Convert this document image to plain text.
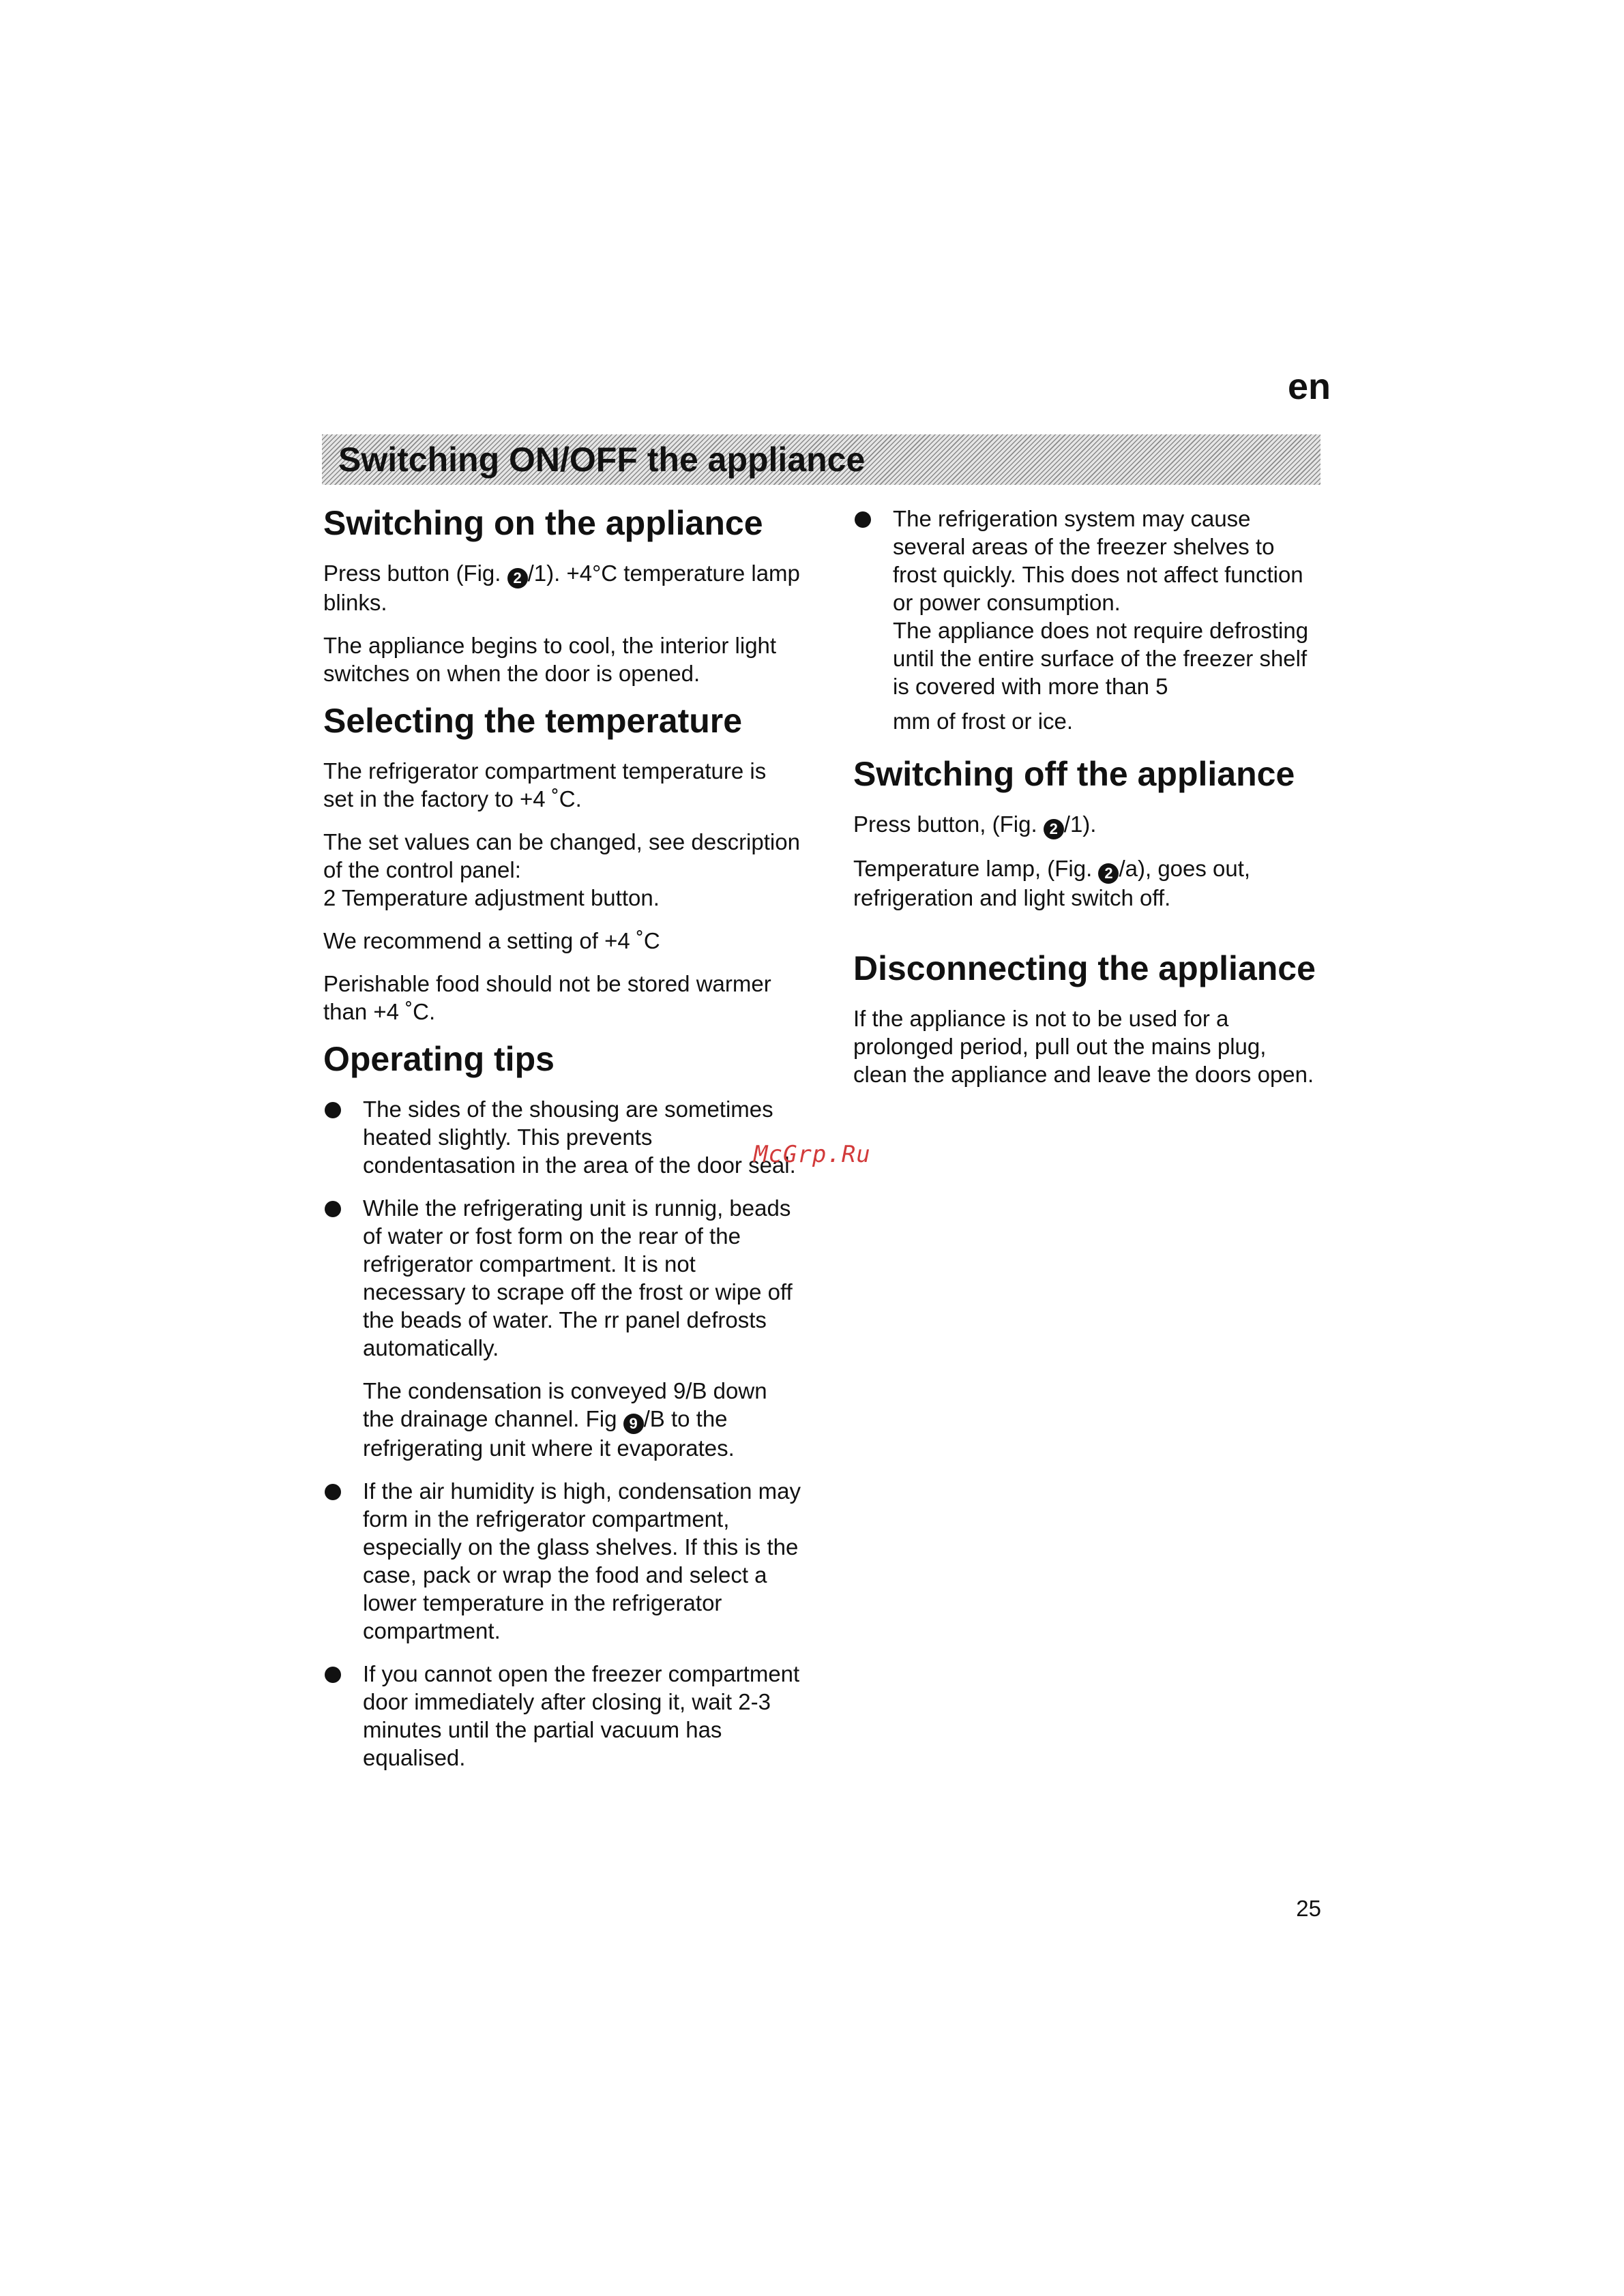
en
Switching ON/OFF the appliance
Switching on the appliance

Press button (Fig. 2 /1). +4°C temperature lamp blinks.

The appliance begins to cool, the interior light switches on when the door is opened.

Selecting the temperature

The refrigerator compartment temperature is set in the factory to +4 ˚C.

The set values can be changed, see description of the control panel:
2 Temperature adjustment button.

We recommend a setting of +4 ˚C

Perishable food should not be stored warmer than +4 ˚C.

Operating tips

The sides of the shousing are sometimes heated slightly. This prevents condentasation in the area of the door seal.

While the refrigerating unit is runnig, beads of water or fost form on the rear of the refrigerator compartment. It is not necessary to scrape off the frost or wipe off the beads of water. The rr panel defrosts automatically.

The condensation is conveyed 9/B down the drainage channel. Fig 9 /B to the refrigerating unit where it evaporates.

If the air humidity is high, condensation may form in the refrigerator compartment, especially on the glass shelves. If this is the case, pack or wrap the food and select a lower temperature in the refrigerator compartment.

If you cannot open the freezer compartment door immediately after closing it, wait 2-3 minutes until the partial vacuum has equalised.

The refrigeration system may cause several areas of the freezer shelves to frost quickly. This does not affect function or power consumption.
The appliance does not require defrosting until the entire surface of the freezer shelf is covered with more than 5

mm of frost or ice.

Switching off the appliance

Press button, (Fig. 2 /1).

Temperature lamp, (Fig. 2 /a), goes out, refrigeration and light switch off.

Disconnecting the appliance

If the appliance is not to be used for a prolonged period, pull out the mains plug, clean the appliance and leave the doors open.

McGrp.Ru
25
